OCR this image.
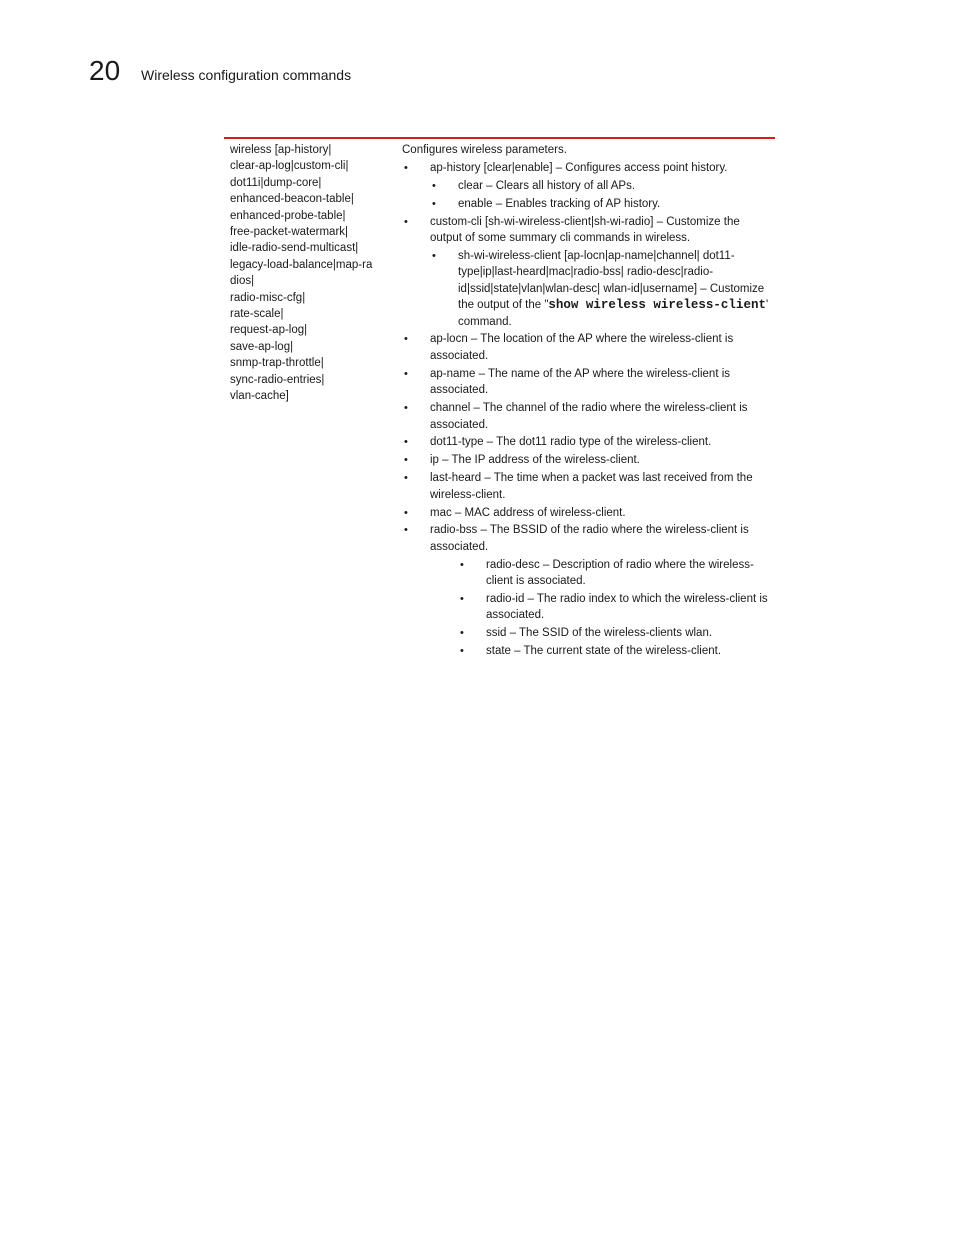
20 Wireless configuration commands
wireless [ap-history|
clear-ap-log|custom-cli|
dot11i|dump-core|
enhanced-beacon-table|
enhanced-probe-table|
free-packet-watermark|
idle-radio-send-multicast|
legacy-load-balance|map-ra
dios|
radio-misc-cfg|
rate-scale|
request-ap-log|
save-ap-log|
snmp-trap-throttle|
sync-radio-entries|
vlan-cache]
Configures wireless parameters.
• ap-history [clear|enable] – Configures access point history.
• clear – Clears all history of all APs.
• enable – Enables tracking of AP history.
• custom-cli [sh-wi-wireless-client|sh-wi-radio] – Customize the output of some summary cli commands in wireless.
• sh-wi-wireless-client [ap-locn|ap-name|channel| dot11-type|ip|last-heard|mac|radio-bss| radio-desc|radio-id|ssid|state|vlan|wlan-desc| wlan-id|username] – Customize the output of the "show wireless wireless-client' command.
• ap-locn – The location of the AP where the wireless-client is associated.
• ap-name – The name of the AP where the wireless-client is associated.
• channel – The channel of the radio where the wireless-client is associated.
• dot11-type – The dot11 radio type of the wireless-client.
• ip – The IP address of the wireless-client.
• last-heard – The time when a packet was last received from the wireless-client.
• mac – MAC address of wireless-client.
• radio-bss – The BSSID of the radio where the wireless-client is associated.
• radio-desc – Description of radio where the wireless-client is associated.
• radio-id – The radio index to which the wireless-client is associated.
• ssid – The SSID of the wireless-clients wlan.
• state – The current state of the wireless-client.
